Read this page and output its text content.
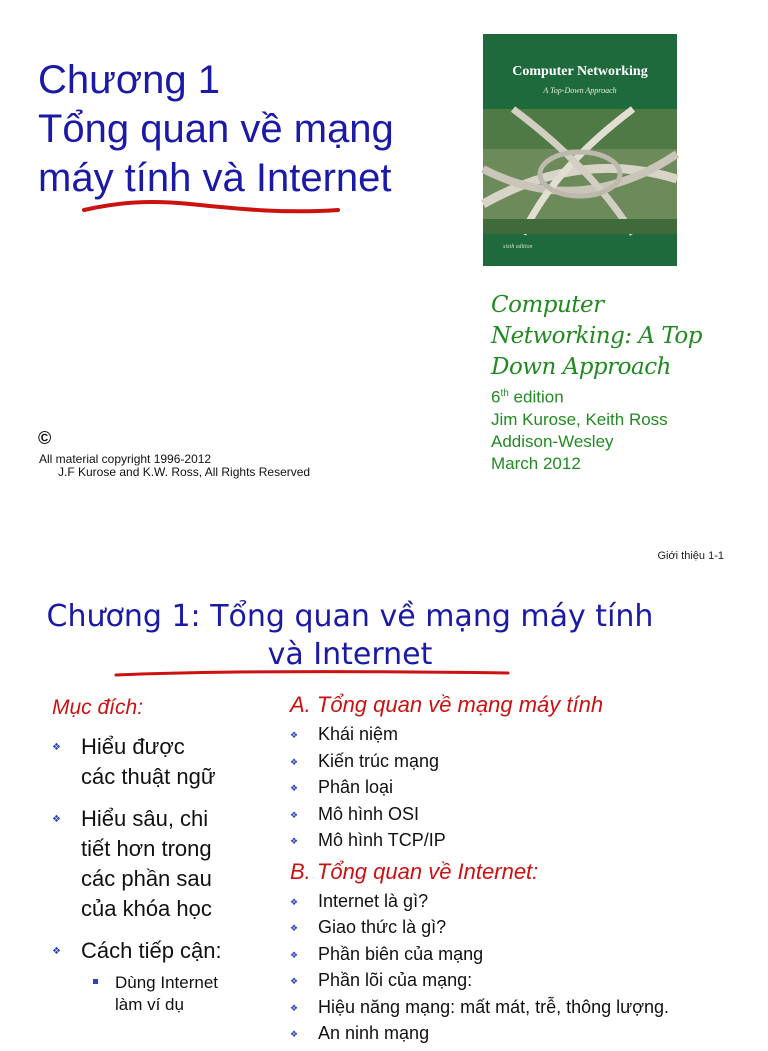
Chương 1
Tổng quan về mạng
máy tính và Internet
Computer Networking
A Top-Down Approach
sixth edition
KUROSE | ROSS
Computer
Networking: A Top
Down Approach
6th edition
Jim Kurose, Keith Ross
Addison-Wesley
March 2012
©
All material copyright 1996-2012
J.F Kurose and K.W. Ross, All Rights Reserved
Giới thiệu 1-1
Chương 1: Tổng quan về mạng máy tính
và Internet

Mục đích:

❖ Hiểu được
các thuật ngữ
❖ Hiểu sâu, chi
tiết hơn trong
các phần sau
của khóa học
❖ Cách tiếp cận:
Dùng Internet
làm ví dụ

A. Tổng quan về mạng máy tính

❖ Khái niệm
❖ Kiến trúc mạng
❖ Phân loại
❖ Mô hình OSI
❖ Mô hình TCP/IP

B. Tổng quan về Internet:

❖ Internet là gì?
❖ Giao thức là gì?
❖ Phần biên của mạng
❖ Phần lõi của mạng:
❖ Hiệu năng mạng: mất mát, trễ, thông lượng.
❖ An ninh mạng
